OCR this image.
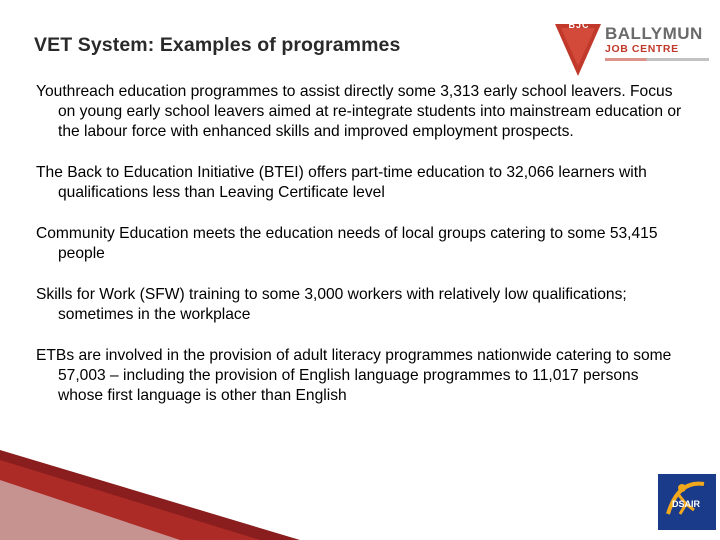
VET System: Examples of programmes
BJC BALLYMUN
JOB CENTRE

Youthreach education programmes to assist directly some 3,313 early school leavers. Focus on young early school leavers aimed at re-integrate students into mainstream education or the labour force with enhanced skills and improved employment prospects.

The Back to Education Initiative (BTEI) offers part-time education to 32,066 learners with qualifications less than Leaving Certificate level

Community Education meets the education needs of local groups catering to some 53,415 people

Skills for Work (SFW) training to some 3,000 workers with relatively low qualifications; sometimes in the workplace

ETBs are involved in the provision of adult literacy programmes nationwide catering to some 57,003 – including the provision of English language programmes to 11,017 persons whose first language is other than English

DSAIR
